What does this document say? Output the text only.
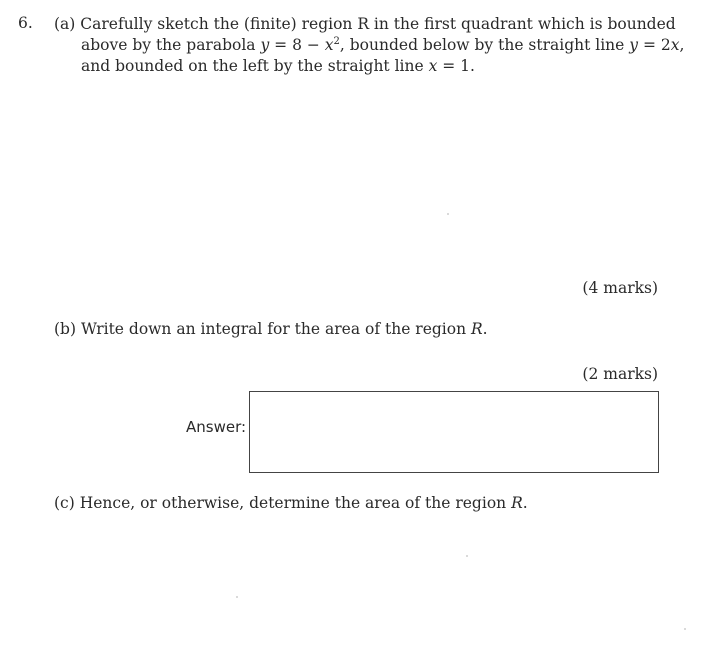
6. (a) Carefully sketch the (finite) region R in the first quadrant which is bounded
above by the parabola $y = 8 - x^2$, bounded below by the straight line y = 2x,
and bounded on the left by the straight line x = 1.
(4 marks)
(b) Write down an integral for the area of the region R.
(2 marks)
Answer:
(c) Hence, or otherwise, determine the area of the region R.
